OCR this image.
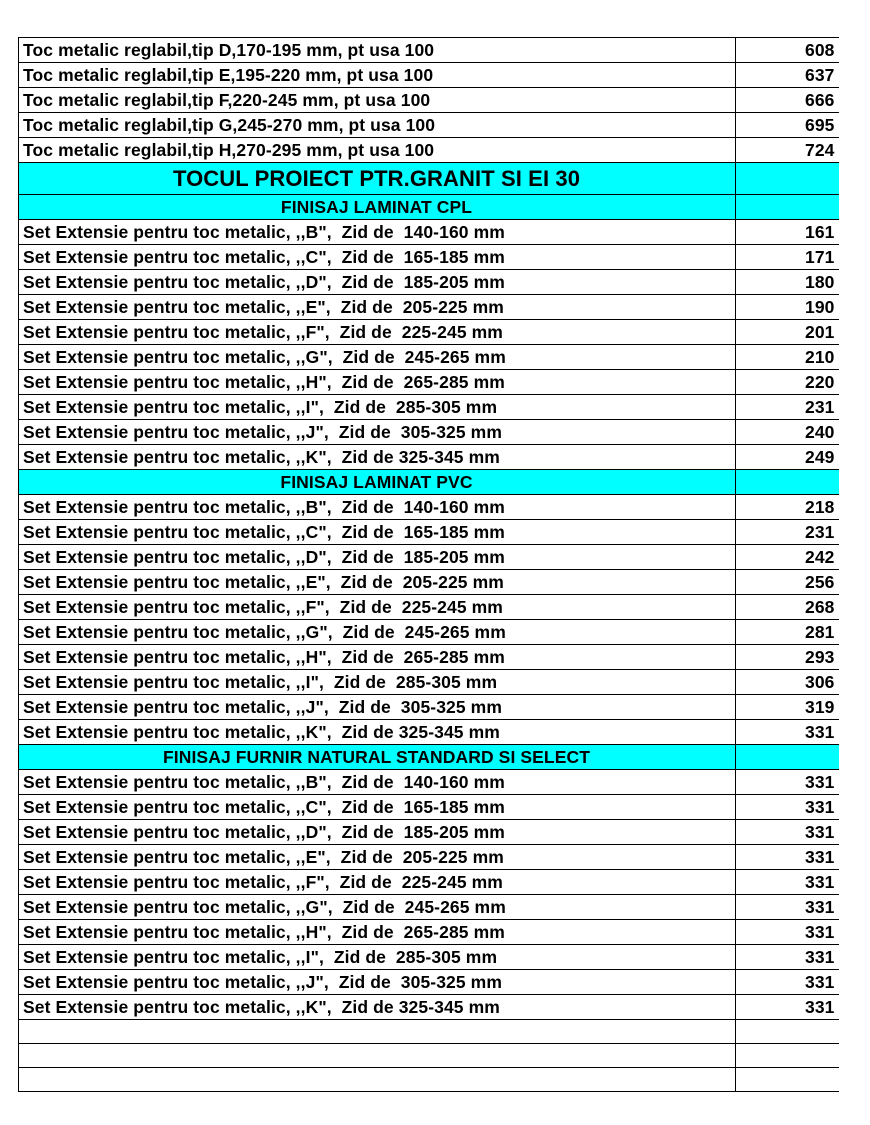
Toc metalic reglabil,tip D,170-195 mm, pt usa 100	608
Toc metalic reglabil,tip E,195-220 mm, pt usa 100	637
Toc metalic reglabil,tip F,220-245 mm, pt usa 100	666
Toc metalic reglabil,tip G,245-270 mm, pt usa 100	695
Toc metalic reglabil,tip H,270-295 mm, pt usa 100	724
TOCUL PROIECT PTR.GRANIT SI EI 30	
FINISAJ LAMINAT CPL	
Set Extensie pentru toc metalic, ,,B",  Zid de  140-160 mm	161
Set Extensie pentru toc metalic, ,,C",  Zid de  165-185 mm	171
Set Extensie pentru toc metalic, ,,D",  Zid de  185-205 mm	180
Set Extensie pentru toc metalic, ,,E",  Zid de  205-225 mm	190
Set Extensie pentru toc metalic, ,,F",  Zid de  225-245 mm	201
Set Extensie pentru toc metalic, ,,G",  Zid de  245-265 mm	210
Set Extensie pentru toc metalic, ,,H",  Zid de  265-285 mm	220
Set Extensie pentru toc metalic, ,,I",  Zid de  285-305 mm	231
Set Extensie pentru toc metalic, ,,J",  Zid de  305-325 mm	240
Set Extensie pentru toc metalic, ,,K",  Zid de 325-345 mm	249
FINISAJ LAMINAT PVC	
Set Extensie pentru toc metalic, ,,B",  Zid de  140-160 mm	218
Set Extensie pentru toc metalic, ,,C",  Zid de  165-185 mm	231
Set Extensie pentru toc metalic, ,,D",  Zid de  185-205 mm	242
Set Extensie pentru toc metalic, ,,E",  Zid de  205-225 mm	256
Set Extensie pentru toc metalic, ,,F",  Zid de  225-245 mm	268
Set Extensie pentru toc metalic, ,,G",  Zid de  245-265 mm	281
Set Extensie pentru toc metalic, ,,H",  Zid de  265-285 mm	293
Set Extensie pentru toc metalic, ,,I",  Zid de  285-305 mm	306
Set Extensie pentru toc metalic, ,,J",  Zid de  305-325 mm	319
Set Extensie pentru toc metalic, ,,K",  Zid de 325-345 mm	331
FINISAJ FURNIR NATURAL STANDARD SI SELECT	
Set Extensie pentru toc metalic, ,,B",  Zid de  140-160 mm	331
Set Extensie pentru toc metalic, ,,C",  Zid de  165-185 mm	331
Set Extensie pentru toc metalic, ,,D",  Zid de  185-205 mm	331
Set Extensie pentru toc metalic, ,,E",  Zid de  205-225 mm	331
Set Extensie pentru toc metalic, ,,F",  Zid de  225-245 mm	331
Set Extensie pentru toc metalic, ,,G",  Zid de  245-265 mm	331
Set Extensie pentru toc metalic, ,,H",  Zid de  265-285 mm	331
Set Extensie pentru toc metalic, ,,I",  Zid de  285-305 mm	331
Set Extensie pentru toc metalic, ,,J",  Zid de  305-325 mm	331
Set Extensie pentru toc metalic, ,,K",  Zid de 325-345 mm	331
